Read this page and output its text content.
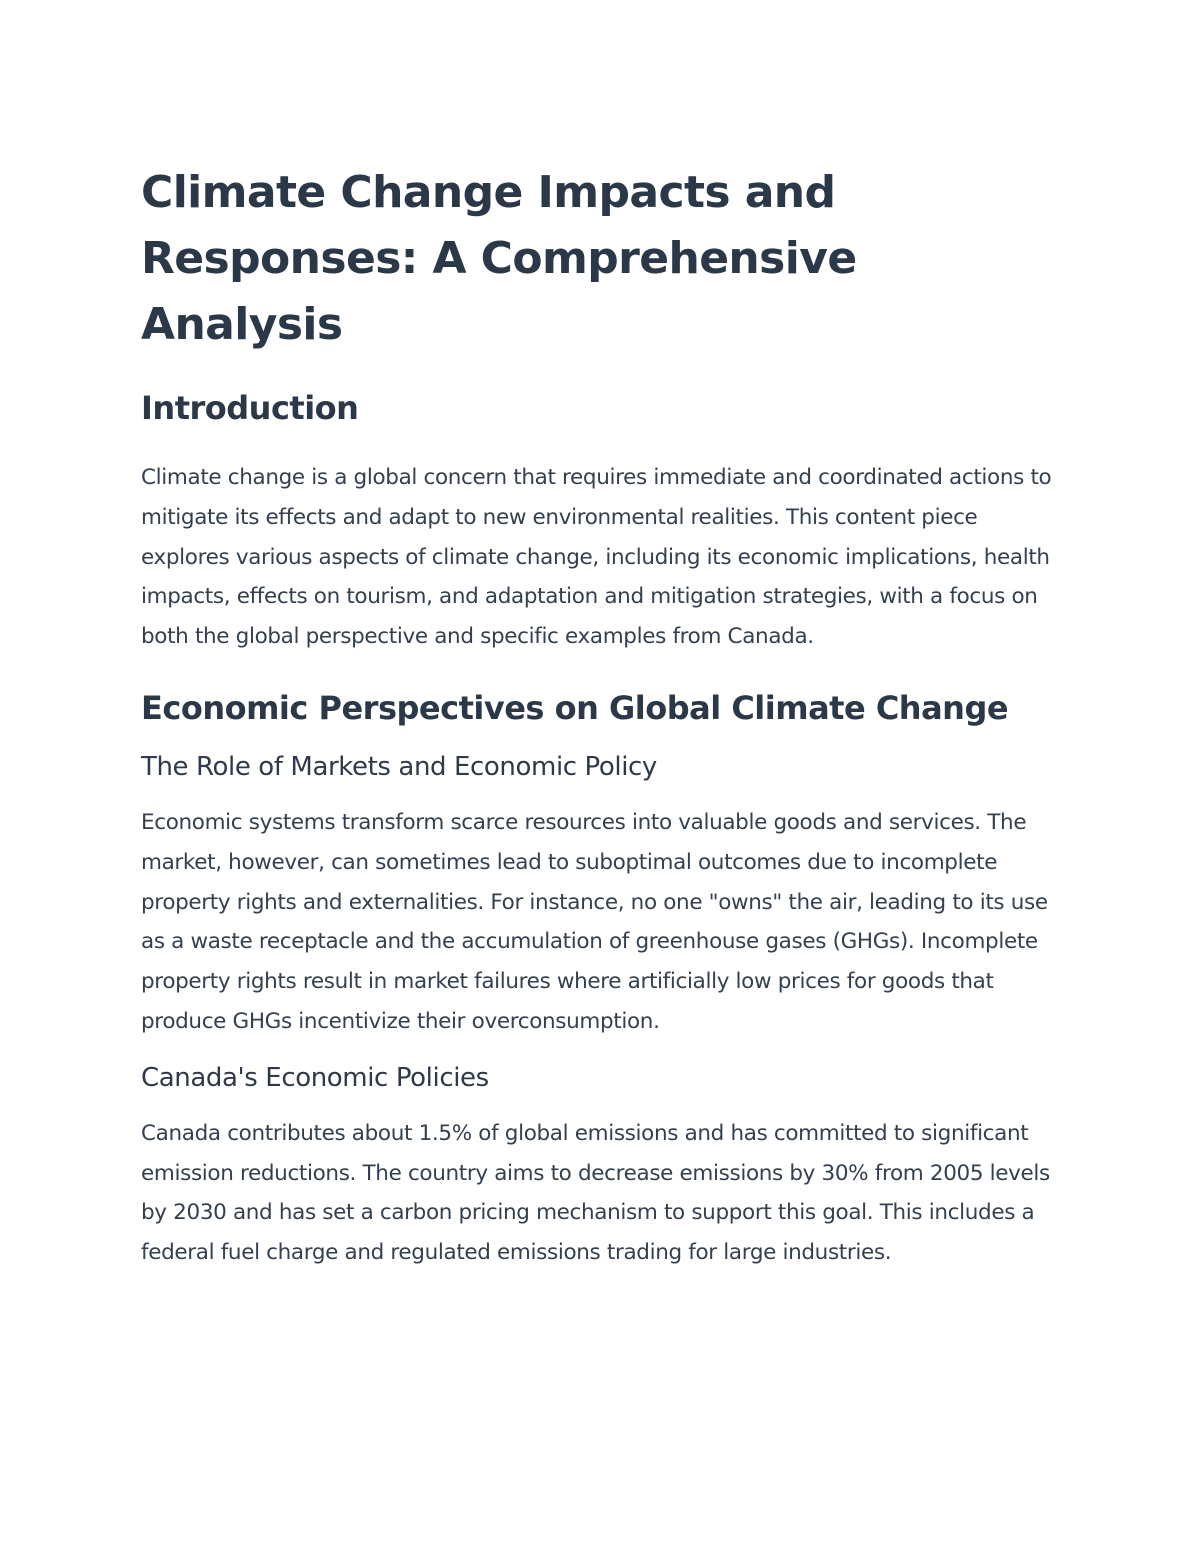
Climate Change Impacts and Responses: A Comprehensive Analysis
Introduction

Climate change is a global concern that requires immediate and coordinated actions to mitigate its effects and adapt to new environmental realities. This content piece explores various aspects of climate change, including its economic implications, health impacts, effects on tourism, and adaptation and mitigation strategies, with a focus on both the global perspective and specific examples from Canada.

Economic Perspectives on Global Climate Change
The Role of Markets and Economic Policy

Economic systems transform scarce resources into valuable goods and services. The market, however, can sometimes lead to suboptimal outcomes due to incomplete property rights and externalities. For instance, no one "owns" the air, leading to its use as a waste receptacle and the accumulation of greenhouse gases (GHGs). Incomplete property rights result in market failures where artificially low prices for goods that produce GHGs incentivize their overconsumption.

Canada's Economic Policies

Canada contributes about 1.5% of global emissions and has committed to significant emission reductions. The country aims to decrease emissions by 30% from 2005 levels by 2030 and has set a carbon pricing mechanism to support this goal. This includes a federal fuel charge and regulated emissions trading for large industries.
